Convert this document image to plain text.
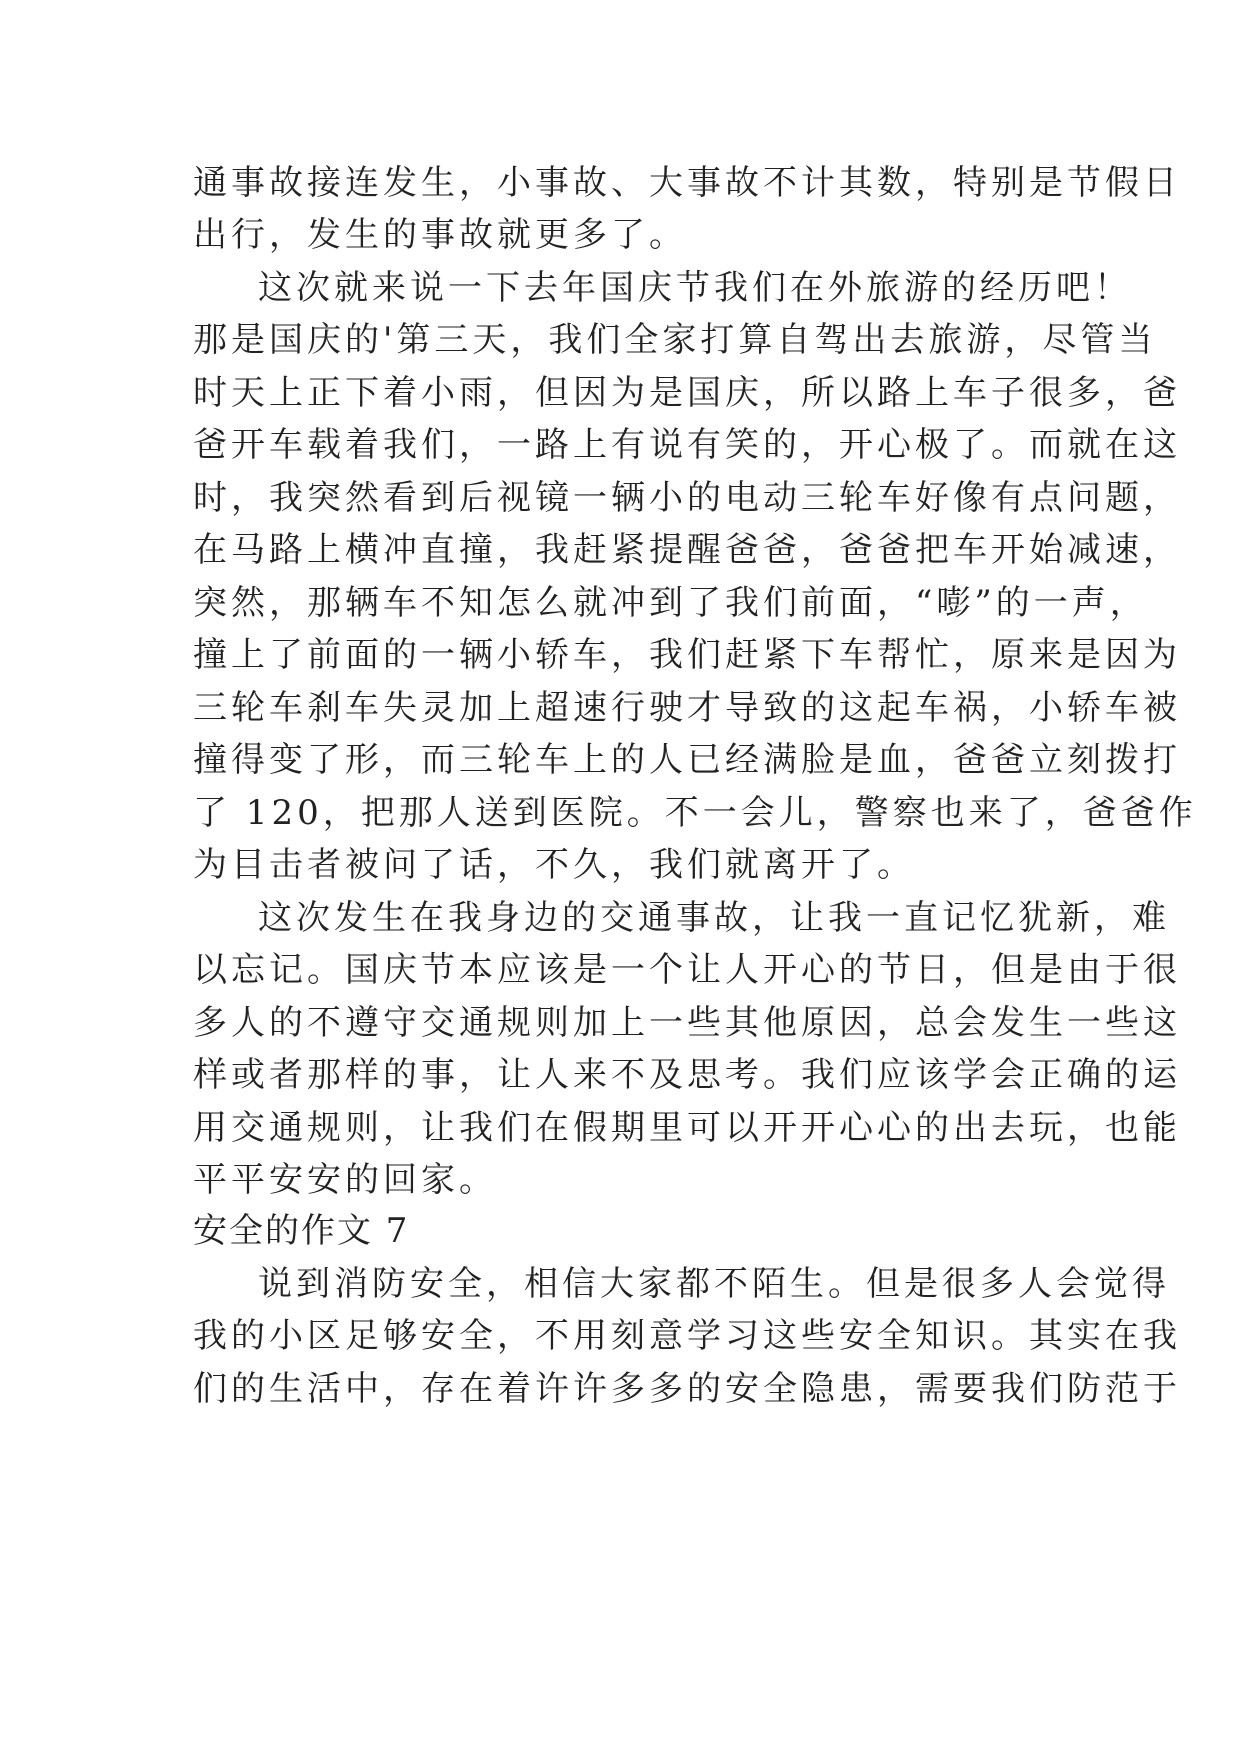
通事故接连发生，小事故、大事故不计其数，特别是节假日
出行，发生的事故就更多了。
这次就来说一下去年国庆节我们在外旅游的经历吧！
那是国庆的'第三天，我们全家打算自驾出去旅游，尽管当
时天上正下着小雨，但因为是国庆，所以路上车子很多，爸
爸开车载着我们，一路上有说有笑的，开心极了。而就在这
时，我突然看到后视镜一辆小的电动三轮车好像有点问题，
在马路上横冲直撞，我赶紧提醒爸爸，爸爸把车开始减速，
突然，那辆车不知怎么就冲到了我们前面，“嘭”的一声，
撞上了前面的一辆小轿车，我们赶紧下车帮忙，原来是因为
三轮车刹车失灵加上超速行驶才导致的这起车祸，小轿车被
撞得变了形，而三轮车上的人已经满脸是血，爸爸立刻拨打
了 120，把那人送到医院。不一会儿，警察也来了，爸爸作
为目击者被问了话，不久，我们就离开了。
这次发生在我身边的交通事故，让我一直记忆犹新，难
以忘记。国庆节本应该是一个让人开心的节日，但是由于很
多人的不遵守交通规则加上一些其他原因，总会发生一些这
样或者那样的事，让人来不及思考。我们应该学会正确的运
用交通规则，让我们在假期里可以开开心心的出去玩，也能
平平安安的回家。
安全的作文 7
说到消防安全，相信大家都不陌生。但是很多人会觉得
我的小区足够安全，不用刻意学习这些安全知识。其实在我
们的生活中，存在着许许多多的安全隐患，需要我们防范于
